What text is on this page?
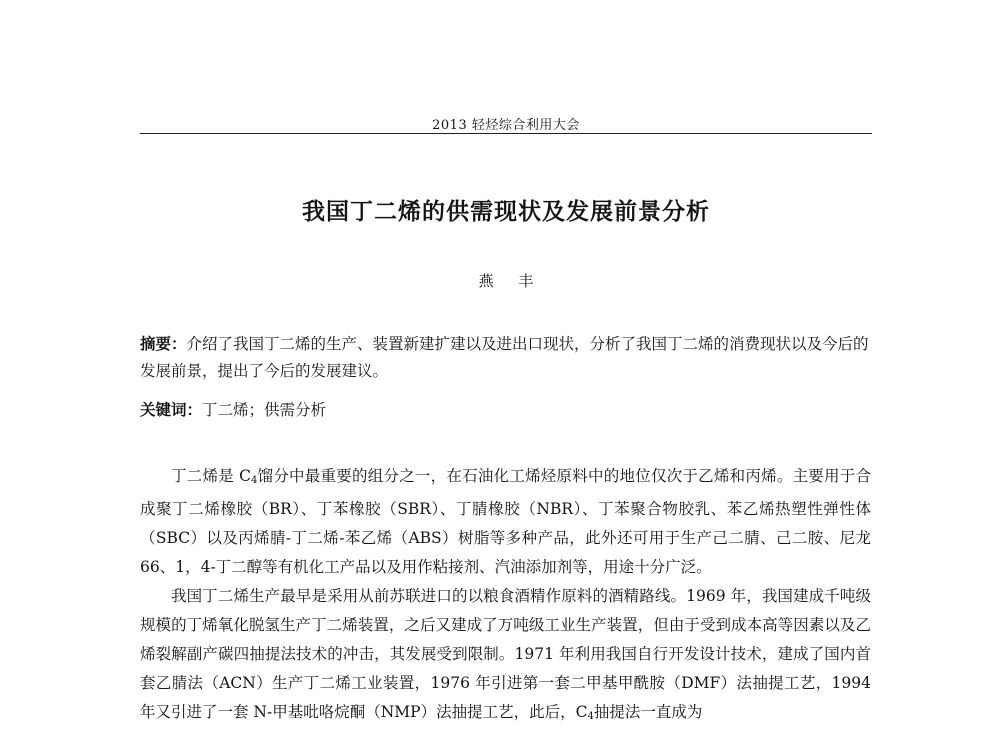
2013 轻烃综合利用大会
我国丁二烯的供需现状及发展前景分析
燕 丰
摘要：介绍了我国丁二烯的生产、装置新建扩建以及进出口现状，分析了我国丁二烯的消费现状以及今后的发展前景，提出了今后的发展建议。
关键词：丁二烯；供需分析

丁二烯是 $C_4$馏分中最重要的组分之一，在石油化工烯烃原料中的地位仅次于乙烯和丙烯。主要用于合成聚丁二烯橡胶（BR）、丁苯橡胶（SBR）、丁腈橡胶（NBR）、丁苯聚合物胶乳、苯乙烯热塑性弹性体（SBC）以及丙烯腈-丁二烯-苯乙烯（ABS）树脂等多种产品，此外还可用于生产己二腈、己二胺、尼龙 66、1，4-丁二醇等有机化工产品以及用作粘接剂、汽油添加剂等，用途十分广泛。

我国丁二烯生产最早是采用从前苏联进口的以粮食酒精作原料的酒精路线。1969 年，我国建成千吨级规模的丁烯氧化脱氢生产丁二烯装置，之后又建成了万吨级工业生产装置，但由于受到成本高等因素以及乙烯裂解副产碳四抽提法技术的冲击，其发展受到限制。1971 年利用我国自行开发设计技术，建成了国内首套乙腈法（ACN）生产丁二烯工业装置，1976 年引进第一套二甲基甲酰胺（DMF）法抽提工艺，1994 年又引进了一套 N-甲基吡咯烷酮（NMP）法抽提工艺，此后，$C_4$抽提法一直成为
